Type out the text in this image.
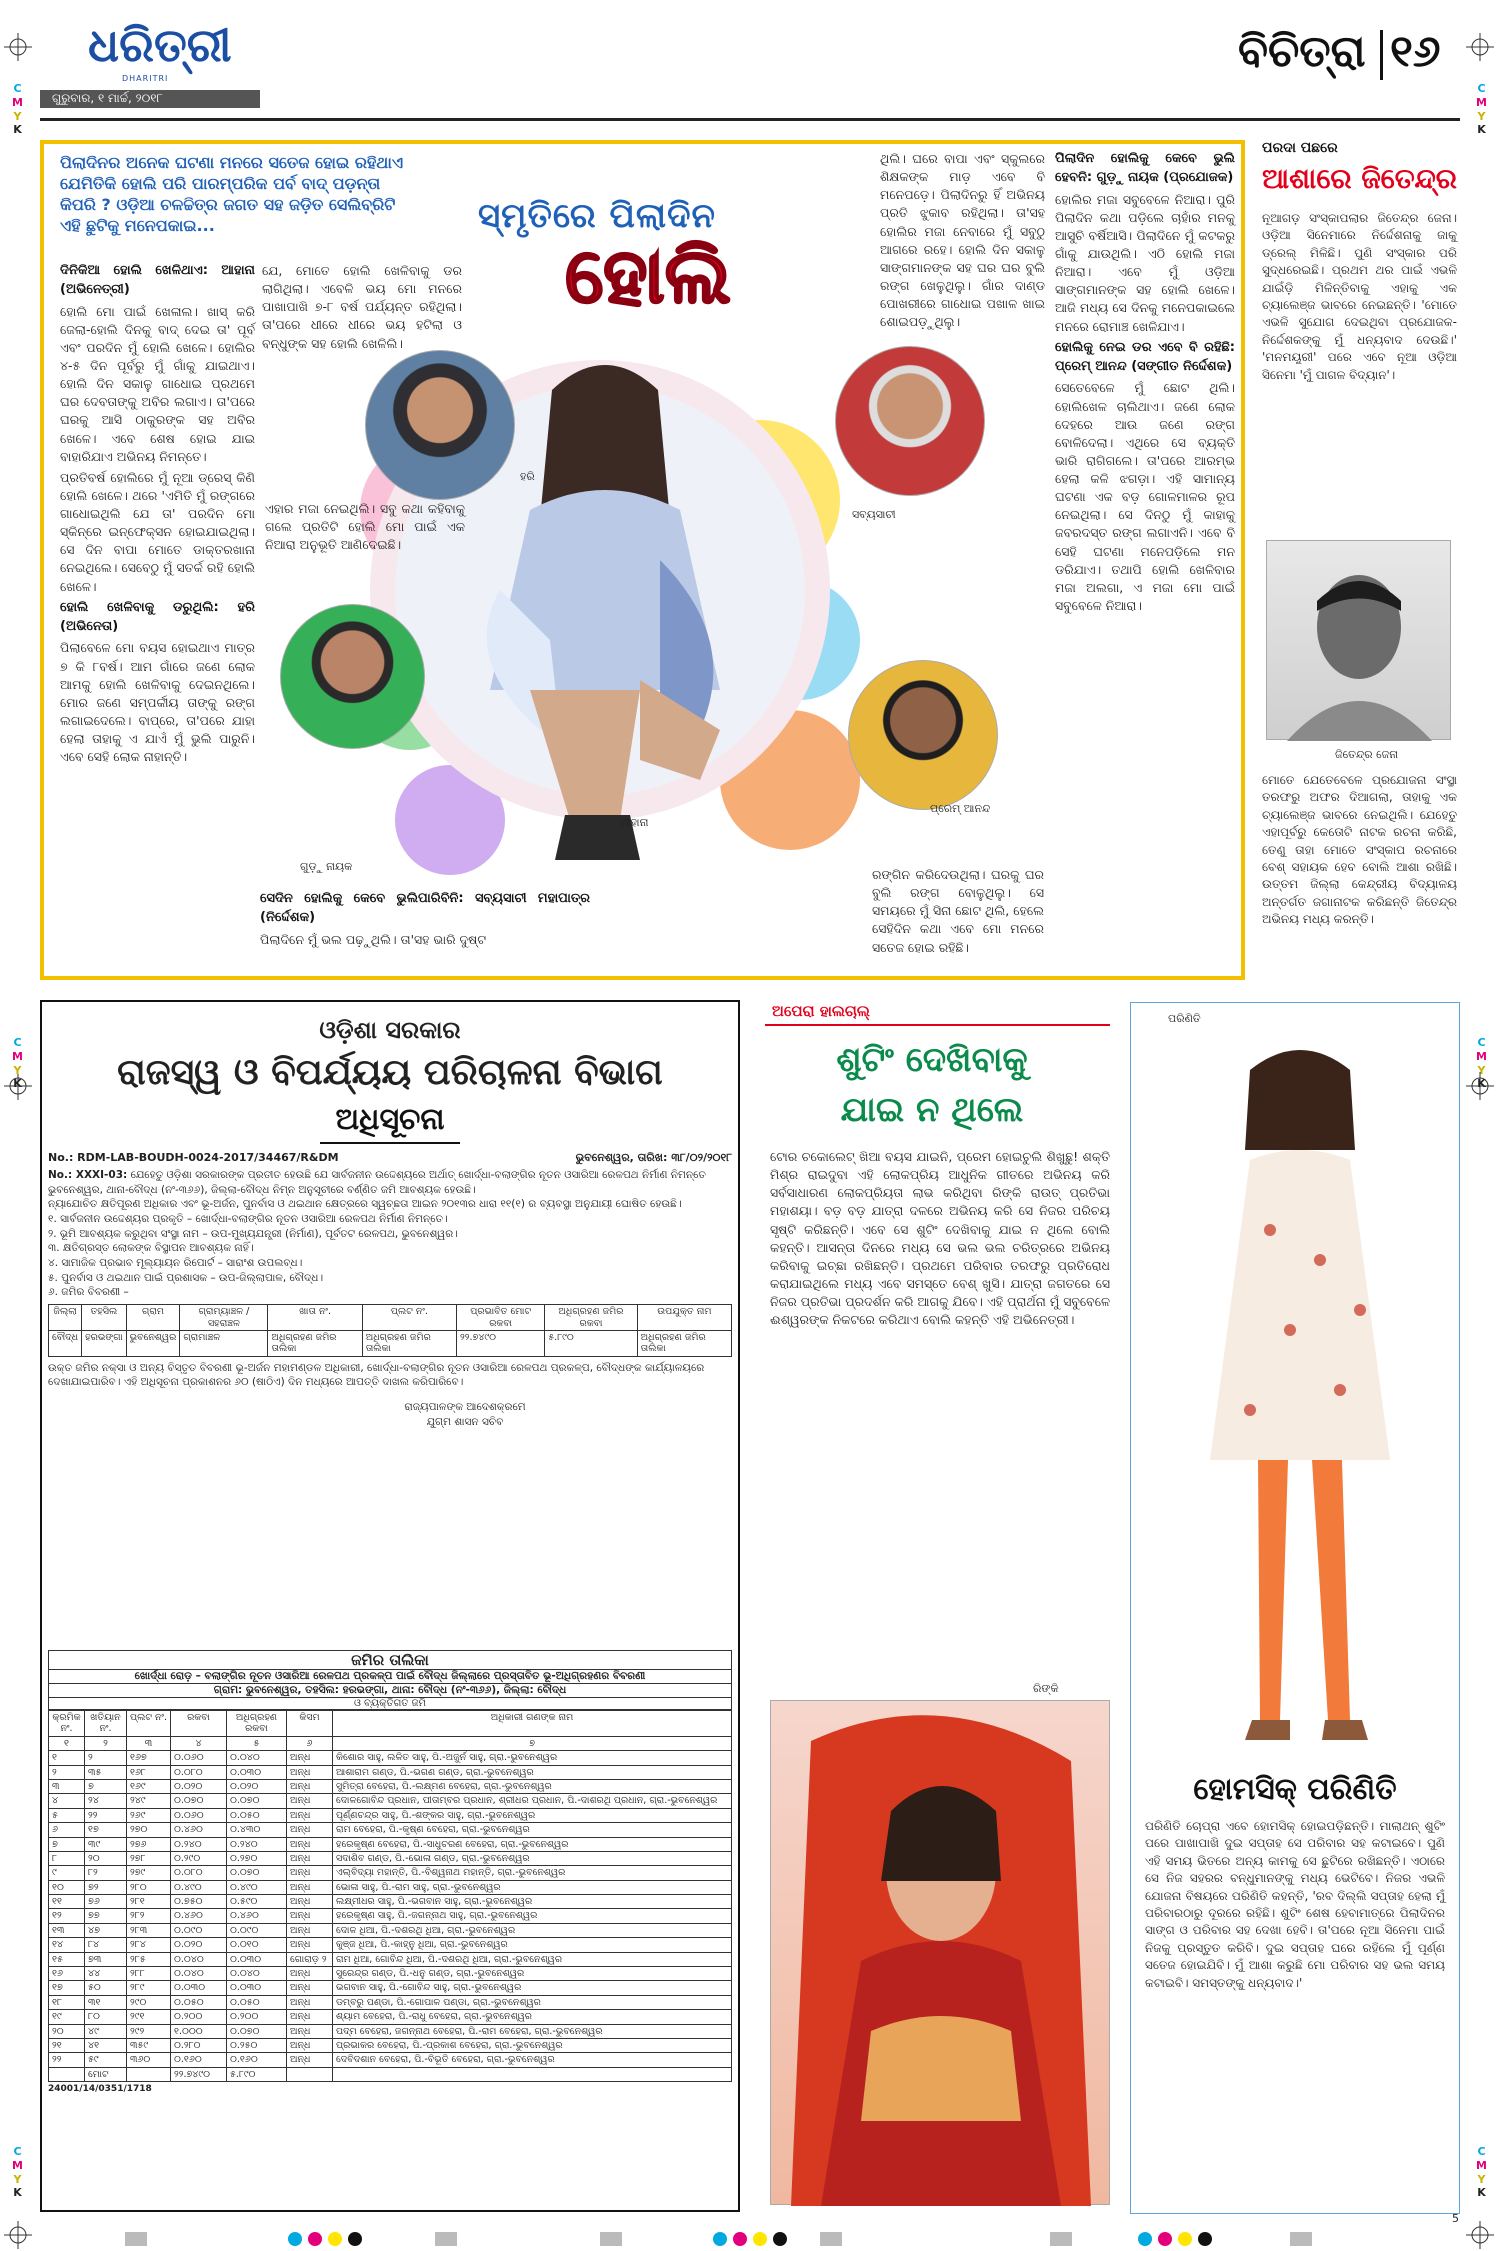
C
M
Y
K
C
M
Y
K
C
M
Y
K
C
M
Y
K
C
M
Y
K
C
M
Y
K
ଧରିତ୍ରୀ
DHARITRI
ଗୁରୁବାର, ୧ ମାର୍ଚ୍ଚ, ୨୦୧୮
ବିଚିତ୍ରା ୧୬
ପିଲାଦିନର ଅନେକ ଘଟଣା ମନରେ ସତେଜ ହୋଇ ରହିଥାଏ ଯେମିତିକି ହୋଲି ପରି ପାରମ୍ପରିକ ପର୍ବ ବାଦ୍ ପଡ଼ନ୍ତା କିପରି ? ଓଡ଼ିଆ ଚଳଚ୍ଚିତ୍ର ଜଗତ ସହ ଜଡ଼ିତ ସେଲିବ୍ରିଟି ଏହି ଛୁଟିକୁ ମନେପକାଇ...	ସ୍ମୃତିରେ ପିଲାଦିନ
ହୋଲି
ହରି
ଗୁଡ଼ୁ ନାୟକ
ଆହାନା
ସବ୍ୟସାଚୀ
ପ୍ରେମ୍ ଆନନ୍ଦ

ଦିନିକିଆ ହୋଲି ଖେଳିଥାଏ: ଆହାନା (ଅଭିନେତ୍ରୀ)

ହୋଲି ମୋ ପାଇଁ ଖେଳାଲ। ଖାସ୍ କରି ଜେଲା-ହୋଲି ଦିନକୁ ବାଦ୍ ଦେଇ ତା' ପୂର୍ବ ଏବଂ ପରଦିନ ମୁଁ ହୋଲି ଖେଳେ। ହୋଲିର ୪-୫ ଦିନ ପୂର୍ବରୁ ମୁଁ ଗାଁକୁ ଯାଇଥାଏ। ହୋଲି ଦିନ ସକାଳୁ ଗାଧୋଇ ପ୍ରଥମେ ଘର ଦେବତାଙ୍କୁ ଅବିର ଲଗାଏ। ତା'ପରେ ଘରକୁ ଆସି ଠାକୁରଙ୍କ ସହ ଅବିର ଖେଳେ। ଏବେ ଶେଷ ହୋଇ ଯାଇ ବାହାରିଯାଏ ଅଭିନୟ ନିମନ୍ତେ।

ପ୍ରତିବର୍ଷ ହୋଲିରେ ମୁଁ ନୂଆ ଡ୍ରେସ୍ କିଣି ହୋଲି ଖେଳେ। ଥରେ 'ଏମିତି ମୁଁ ରଙ୍ଗରେ ଗାଧୋଇଥିଲି ଯେ ତା' ପରଦିନ ମୋ ସ୍କିନ୍‌ରେ ଇନ୍‌ଫେକ୍‌ସନ ହୋଇଯାଇଥିଲା। ସେ ଦିନ ବାପା ମୋତେ ଡାକ୍ତରଖାନା ନେଇଥିଲେ। ସେବେଠୁ ମୁଁ ସତର୍କ ରହି ହୋଲି ଖେଳେ।

ହୋଲି ଖେଳିବାକୁ ଡରୁଥିଲି: ହରି (ଅଭିନେତା)

ପିଲାବେଳେ ମୋ ବୟସ ହୋଇଥାଏ ମାତ୍ର ୭ କି ୮ବର୍ଷ। ଆମ ଗାଁରେ ଜଣେ ଲୋକ ଆମକୁ ହୋଲି ଖେଳିବାକୁ ଦେଇନଥିଲେ। ମୋର ଜଣେ ସମ୍ପର୍କୀୟ ତାଙ୍କୁ ରଙ୍ଗ ଲଗାଇଦେଲେ। ବାପ୍‌ରେ, ତା'ପରେ ଯାହା ହେଲା ତାହାକୁ ଏ ଯାଏଁ ମୁଁ ଭୁଲି ପାରୁନି। ଏବେ ସେହି ଲୋକ ନାହାନ୍ତି।

ଯେ, ମୋତେ ହୋଲି ଖେଳିବାକୁ ଡର ଲାଗିଥିଲା। ଏବେଳି ଭୟ ମୋ ମନରେ ପାଖାପାଖି ୭-୮ ବର୍ଷ ପର୍ଯ୍ୟନ୍ତ ରହିଥିଲା। ତା'ପରେ ଧୀରେ ଧୀରେ ଭୟ ହଟିଲା ଓ ବନ୍ଧୁଙ୍କ ସହ ହୋଲି ଖେଳିଲି।

ଏହାର ମଜା ନେଇଥିଲି। ସବୁ କଥା କହିବାକୁ ଗଲେ ପ୍ରତିଟି ହୋଲି ମୋ ପାଇଁ ଏକ ନିଆରା ଅନୁଭୂତି ଆଣିଦେଇଛି।

ସେଦିନ ହୋଲିକୁ କେବେ ଭୁଲିପାରିବିନି: ସବ୍ୟସାଚୀ ମହାପାତ୍ର (ନିର୍ଦ୍ଦେଶକ)

ପିଲାଦିନେ ମୁଁ ଭଲ ପଢ଼ୁଥିଲି। ତା'ସହ ଭାରି ଦୁଷ୍ଟ

ଥିଲି। ଘରେ ବାପା ଏବଂ ସ୍କୁଲରେ ଶିକ୍ଷକଙ୍କ ମାଡ଼ ଏବେ ବି ମନେପଡ଼େ। ପିଲାଦିନରୁ ହିଁ ଅଭିନୟ ପ୍ରତି ଝୁକାବ ରହିଥିଲା। ତା'ସହ ହୋଲିର ମଜା ନେବାରେ ମୁଁ ସବୁଠୁ ଆଗରେ ରହେ। ହୋଲି ଦିନ ସକାଳୁ ସାଙ୍ଗମାନଙ୍କ ସହ ଘର ଘର ବୁଲି ରଙ୍ଗ ଖେଳୁଥିଲୁ। ଗାଁର ଦାଣ୍ଡ ପୋଖରୀରେ ଗାଧୋଇ ପଖାଳ ଖାଇ ଶୋଇପଡ଼ୁଥିଲୁ।

ରଙ୍ଗିନ କରିଦେଉଥିଲା। ଘରକୁ ଘର ବୁଲି ରଙ୍ଗ ବୋଳୁଥିଲୁ। ସେ ସମୟରେ ମୁଁ ସିନା ଛୋଟ ଥିଲି, ହେଲେ ସେହିଦିନ କଥା ଏବେ ମୋ ମନରେ ସତେଜ ହୋଇ ରହିଛି।

ପିଲାଦିନ ହୋଲିକୁ କେବେ ଭୁଲି ହେବନି: ଗୁଡ଼ୁ ନାୟକ (ପ୍ରଯୋଜକ)

ହୋଲିର ମଜା ସବୁବେଳେ ନିଆରା। ପୁରି ପିଲାଦିନ କଥା ପଡ଼ିଲେ ଚାହାଁର ମନକୁ ଆସୁଚି ବର୍ଷିଆସି। ପିଲାଦିନେ ମୁଁ କଟକରୁ ଗାଁକୁ ଯାଉଥିଲି। ଏଠି ହୋଲି ମଜା ନିଆରା। ଏବେ ମୁଁ ଓଡ଼ିଆ ସାଙ୍ଗମାନଙ୍କ ସହ ହୋଲି ଖେଳେ। ଆଜି ମଧ୍ୟ ସେ ଦିନକୁ ମନେପକାଇଲେ ମନରେ ରୋମାଞ୍ଚ ଖେଳିଯାଏ।

ହୋଲିକୁ ନେଇ ଡର ଏବେ ବି ରହିଛି: ପ୍ରେମ୍ ଆନନ୍ଦ (ସଙ୍ଗୀତ ନିର୍ଦ୍ଦେଶକ)

ସେତେବେଳେ ମୁଁ ଛୋଟ ଥିଲି। ହୋଲିଖେଳ ଚାଲିଥାଏ। ଜଣେ ଲୋକ ଦେହରେ ଆଉ ଜଣେ ରଙ୍ଗ ବୋଳିଦେଲା। ଏଥିରେ ସେ ବ୍ୟକ୍ତି ଭାରି ରାଗିଗଲେ। ତା'ପରେ ଆରମ୍ଭ ହେଲା କଳି ଝଗଡ଼ା। ଏହି ସାମାନ୍ୟ ଘଟଣା ଏକ ବଡ଼ ଗୋଳମାଳର ରୂପ ନେଇଥିଲା। ସେ ଦିନଠୁ ମୁଁ କାହାକୁ ଜବରଦସ୍ତ ରଙ୍ଗ ଲଗାଏନି। ଏବେ ବି ସେହି ଘଟଣା ମନେପଡ଼ିଲେ ମନ ଡରିଯାଏ। ତଥାପି ହୋଲି ଖେଳିବାର ମଜା ଅଲଗା, ଏ ମଜା ମୋ ପାଇଁ ସବୁବେଳେ ନିଆରା।

ପରଦା ପଛରେ
ଆଶାରେ ଜିତେନ୍ଦ୍ର
ନୂଆଗଡ଼ ସଂସ୍କାପଲାର ଜିତେନ୍ଦ୍ର ଜେନା। ଓଡ଼ିଆ ସିନେମାରେ ନିର୍ଦ୍ଦେଶନାକୁ ଜାକୁ ଡ୍ରେଲ୍ ମିଳିଛି। ପୁଣି ସଂସ୍କାର ପରି ସୁଦ୍ଧରେଇଛି। ପ୍ରଥମ ଥର ପାଇଁ ଏଭଳି ଯାଇଁଡ଼ି ମିଳିନ୍ତିବାକୁ ଏହାକୁ ଏକ ଚ୍ୟାଲେଞ୍ଜ ଭାବରେ ନେଇଛନ୍ତି। 'ମୋତେ ଏଭଳି ସୁଯୋଗ ଦେଇଥିବା ପ୍ରଯୋଜକ-ନିର୍ଦ୍ଦେଶକଙ୍କୁ ମୁଁ ଧନ୍ୟବାଦ ଦେଉଛି।' 'ମନମୟୂରୀ' ପରେ ଏବେ ନୂଆ ଓଡ଼ିଆ ସିନେମା 'ମୁଁ ପାଗଳ ବିଦ୍ୟାନ'।
ଜିତେନ୍ଦ୍ର ଜେନା
ମୋତେ ଯେତେବେଳେ ପ୍ରଯୋଜନା ସଂସ୍ଥା ତରଫରୁ ଅଫର ଦିଆଗଲା, ତାହାକୁ ଏକ ଚ୍ୟାଲେଞ୍ଜ ଭାବରେ ନେଇଥିଲି। ଯେହେତୁ ଏହାପୂର୍ବରୁ କେତୋଟି ନାଟକ ରଚନା କରିଛି, ତେଣୁ ତାହା ମୋତେ ସଂସ୍କାପ ରଚନାରେ ବେଶ୍ ସହାୟକ ହେବ ବୋଲି ଆଶା ରଖିଛି। ଉତ୍ତମ ଜିଲ୍ଲା କେନ୍ଦ୍ରୀୟ ବିଦ୍ୟାଳୟ ଅନ୍ତର୍ଗତ ଜଗାନାଟକ କରିଛନ୍ତି ଜିତେନ୍ଦ୍ର ଅଭିନୟ ମଧ୍ୟ କରନ୍ତି।
ଓଡ଼ିଶା ସରକାର
ରାଜସ୍ୱ ଓ ବିପର୍ଯ୍ୟୟ ପରିଚାଳନା ବିଭାଗ
ଅଧିସୂଚନା
No.: RDM-LAB-BOUDH-0024-2017/34467/R&DM	ଭୁବନେଶ୍ୱର, ତାରିଖ: ୩୮/୦୨/୨୦୧୮
No.: XXXI-03: ଯେହେତୁ ଓଡ଼ିଶା ସରକାରଙ୍କ ପ୍ରତୀତ ହେଉଛି ଯେ ସାର୍ବଜନୀନ ଉଦ୍ଦେଶ୍ୟରେ ଅର୍ଥାତ୍ ଖୋର୍ଦ୍ଧା-ବଲାଙ୍ଗିର ନୂତନ ଓସାରିଆ ରେଳପଥ ନିର୍ମାଣ ନିମନ୍ତେ ଭୁବନେଶ୍ୱର, ଥାନା-ବୌଦ୍ଧ (ନଂ-୩୬୬), ଜିଲ୍ଲା-ବୌଦ୍ଧ ନିମ୍ନ ଅନୁସୂଚୀରେ ବର୍ଣ୍ଣିତ ଜମି ଆବଶ୍ୟକ ହେଉଛି।
ନ୍ୟାଯୋଚିତ କ୍ଷତିପୂରଣ ଅଧିକାର ଏବଂ ଭୂ-ଅର୍ଜନ, ପୁନର୍ବାସ ଓ ଥଇଥାନ କ୍ଷେତ୍ରରେ ସ୍ୱଚ୍ଛତା ଆଇନ ୨୦୧୩ର ଧାରା ୧୧(୧) ର ବ୍ୟବସ୍ଥା ଅନୁଯାୟୀ ଘୋଷିତ ହେଉଛି।
୧. ସାର୍ବଜନୀନ ଉଦ୍ଦେଶ୍ୟର ପ୍ରକୃତି – ଖୋର୍ଦ୍ଧା-ବଲାଙ୍ଗିର ନୂତନ ଓସାରିଆ ରେଳପଥ ନିର୍ମାଣ ନିମନ୍ତେ।
୨. ଭୂମି ଆବଶ୍ୟକ କରୁଥିବା ସଂସ୍ଥା ନାମ – ଉପ-ମୁଖ୍ୟଯନ୍ତ୍ରୀ (ନିର୍ମାଣ), ପୂର୍ବତଟ ରେଳପଥ, ଭୁବନେଶ୍ୱର।
୩. କ୍ଷତିଗ୍ରସ୍ତ ଲୋକଙ୍କ ବିସ୍ଥାପନ ଆବଶ୍ୟକ ନାହିଁ।
୪. ସାମାଜିକ ପ୍ରଭାବ ମୂଲ୍ୟାୟନ ରିପୋର୍ଟ – ସାରାଂଶ ଉପଲବ୍ଧ।
୫. ପୁନର୍ବାସ ଓ ଥଇଥାନ ପାଇଁ ପ୍ରଶାସକ – ଉପ-ଜିଲ୍ଲାପାଳ, ବୌଦ୍ଧ।
୬. ଜମିର ବିବରଣୀ –
ଜିଲ୍ଲା	ତହସିଲ	ଗ୍ରାମ	ଗ୍ରାମ୍ୟାଞ୍ଚଳ / ସହରାଞ୍ଚଳ	ଖାତା ନଂ.	ପ୍ଲଟ ନଂ.	ପ୍ରଭାବିତ ମୋଟ ରକବା	ଅଧିଗ୍ରହଣ ଜମିର ରକବା	ଉପଯୁକ୍ତ ନାମ
ବୌଦ୍ଧ	ହରଭଙ୍ଗା	ଭୁବନେଶ୍ୱର	ଗ୍ରାମାଞ୍ଚଳ	ଅଧିଗ୍ରହଣ ଜମିର ତାଲିକା	ଅଧିଗ୍ରହଣ ଜମିର ତାଲିକା	୨୨.୭୪୯୦	୫.୮୯୦	ଅଧିଗ୍ରହଣ ଜମିର ତାଲିକା
ଉକ୍ତ ଜମିର ନକ୍ସା ଓ ଅନ୍ୟ ବିସ୍ତୃତ ବିବରଣୀ ଭୂ-ଅର୍ଜନ ମହାମଣ୍ଡଳ ଅଧିକାରୀ, ଖୋର୍ଦ୍ଧା-ବଲାଙ୍ଗିର ନୂତନ ଓସାରିଆ ରେଳପଥ ପ୍ରକଳ୍ପ, ବୌଦ୍ଧଙ୍କ କାର୍ଯ୍ୟାଳୟରେ ଦେଖାଯାଇପାରିବ। ଏହି ଅଧିସୂଚନା ପ୍ରକାଶନର ୬୦ (ଷାଠିଏ) ଦିନ ମଧ୍ୟରେ ଆପତ୍ତି ଦାଖଲ କରିପାରିବେ।
ରାଜ୍ୟପାଳଙ୍କ ଆଦେଶକ୍ରମେ
ଯୁଗ୍ମ ଶାସନ ସଚିବ
ଜମିର ତାଲିକା
ଖୋର୍ଦ୍ଧା ରୋଡ଼ – ବଲାଙ୍ଗିର ନୂତନ ଓସାରିଆ ରେଳପଥ ପ୍ରକଳ୍ପ ପାଇଁ ବୌଦ୍ଧ ଜିଲ୍ଲାରେ ପ୍ରସ୍ତାବିତ ଭୂ-ଅଧିଗ୍ରହଣର ବିବରଣୀ
ଗ୍ରାମ: ଭୁବନେଶ୍ୱର, ତହସିଲ: ହରଭଙ୍ଗା, ଥାନା: ବୌଦ୍ଧ (ନଂ-୩୬୬), ଜିଲ୍ଲା: ବୌଦ୍ଧ
ଓ ବ୍ୟକ୍ତିଗତ ଜମି
କ୍ରମିକ ନଂ.	ଖତିୟାନ ନଂ.	ପ୍ଲଟ ନଂ.	ରକବା	ଅଧିଗ୍ରହଣ ରକବା	କିସମ	ଅଧିକାରୀ ଗଣଙ୍କ ନାମ
୧	୨	୩	୪	୫	୬	୭
୧	୨	୧୬୭	୦.୦୬୦	୦.୦୪୦	ଅନ୍ଧ	କିଶୋର ସାହୁ, ଲଳିତ ସାହୁ, ପି.-ଅଜୁର୍ନ ସାହୁ, ଗ୍ରା.-ଭୁବନେଶ୍ୱର
୨	୩୫	୧୬୮	୦.୦୮୦	୦.୦୩୦	ଅନ୍ଧ	ଆଶାରାମ ଗଣ୍ଡ, ପି.-ଭଗଣ ଗଣ୍ଡ, ଗ୍ରା.-ଭୁବନେଶ୍ୱର
୩	୭	୧୬୯	୦.୦୨୦	୦.୦୨୦	ଅନ୍ଧ	ସୁମିତ୍ରା ବେହେରା, ପି.-ଲକ୍ଷ୍ମଣ ବେହେରା, ଗ୍ରା.-ଭୁବନେଶ୍ୱର
୪	୨୪	୨୪୯	୦.୦୭୦	୦.୦୭୦	ଅନ୍ଧ	ଦୋଳଗୋବିନ୍ଦ ପ୍ରଧାନ, ପୀତାମ୍ବର ପ୍ରଧାନ, ଶ୍ରୀଧର ପ୍ରଧାନ, ପି.-ଦାଶରଥି ପ୍ରଧାନ, ଗ୍ରା.-ଭୁବନେଶ୍ୱର
୫	୨୨	୨୬୯	୦.୦୬୦	୦.୦୫୦	ଅନ୍ଧ	ପୂର୍ଣ୍ଣଚନ୍ଦ୍ର ସାହୁ, ପି.-ଶଙ୍କର ସାହୁ, ଗ୍ରା.-ଭୁବନେଶ୍ୱର
୬	୧୭	୨୭୦	୦.୪୬୦	୦.୪୩୦	ଅନ୍ଧ	ରାମ ବେହେରା, ପି.-କୃଷ୍ଣ ବେହେରା, ଗ୍ରା.-ଭୁବନେଶ୍ୱର
୭	୩୯	୨୭୬	୦.୨୪୦	୦.୨୪୦	ଅନ୍ଧ	ହରେକୃଷ୍ଣ ବେହେରା, ପି.-ସାଧୁଚରଣ ବେହେରା, ଗ୍ରା.-ଭୁବନେଶ୍ୱର
୮	୨୦	୨୭୮	୦.୨୯୦	୦.୨୭୦	ଅନ୍ଧ	ସଦାଶିବ ଗଣ୍ଡ, ପି.-ଭୋଳା ଗଣ୍ଡ, ଗ୍ରା.-ଭୁବନେଶ୍ୱର
୯	୮୨	୨୭୯	୦.୦୮୦	୦.୦୭୦	ଅନ୍ଧ	ଏଲ୍‌ବିଦ୍ୟା ମହାନ୍ତି, ପି.-ବିଶ୍ୱନାଥ ମହାନ୍ତି, ଗ୍ରା.-ଭୁବନେଶ୍ୱର
୧୦	୭୨	୨୮୦	୦.୪୯୦	୦.୪୯୦	ଅନ୍ଧ	ଭୋଳା ସାହୁ, ପି.-ରାମ ସାହୁ, ଗ୍ରା.-ଭୁବନେଶ୍ୱର
୧୧	୭୬	୨୮୧	୦.୭୫୦	୦.୫୯୦	ଅନ୍ଧ	ଲକ୍ଷ୍ମୀଧର ସାହୁ, ପି.-ଭଗବାନ ସାହୁ, ଗ୍ରା.-ଭୁବନେଶ୍ୱର
୧୨	୭୭	୨୮୨	୦.୪୬୦	୦.୪୬୦	ଅନ୍ଧ	ହରେକୃଷ୍ଣ ସାହୁ, ପି.-ଜଗନ୍ନାଥ ସାହୁ, ଗ୍ରା.-ଭୁବନେଶ୍ୱର
୧୩	୪୭	୨୮୩	୦.୦୯୦	୦.୦୯୦	ଅନ୍ଧ	ଦୋଳ ଧିଆ, ପି.-ଦଶରଥି ଧିଆ, ଗ୍ରା.-ଭୁବନେଶ୍ୱର
୧୪	୮୪	୨୮୪	୦.୦୨୦	୦.୦୧୦	ଅନ୍ଧ	କୁଞ୍ଜ ଧିଆ, ପି.-କାହ୍ନୁ ଧିଆ, ଗ୍ରା.-ଭୁବନେଶ୍ୱର
୧୫	୭୩	୨୮୫	୦.୦୪୦	୦.୦୩୦	ଗୋରାଡ଼ ୨	ରାମ ଧିଆ, ଗୋବିନ୍ଦ ଧିଆ, ପି.-ଦଶରଥି ଧିଆ, ଗ୍ରା.-ଭୁବନେଶ୍ୱର
୧୬	୪୪	୨୮୮	୦.୦୪୦	୦.୦୪୦	ଅନ୍ଧ	ସୁରେନ୍ଦ୍ର ଗଣ୍ଡ, ପି.-ଧନୁ ଗଣ୍ଡ, ଗ୍ରା.-ଭୁବନେଶ୍ୱର
୧୭	୫୦	୨୮୯	୦.୦୩୦	୦.୦୩୦	ଅନ୍ଧ	ଭଗବାନ ସାହୁ, ପି.-ଗୋବିନ୍ଦ ସାହୁ, ଗ୍ରା.-ଭୁବନେଶ୍ୱର
୧୮	୩୧	୨୯୦	୦.୦୫୦	୦.୦୫୦	ଅନ୍ଧ	ଡମ୍ବରୁ ପଣ୍ଡା, ପି.-ଗୋପାଳ ପଣ୍ଡା, ଗ୍ରା.-ଭୁବନେଶ୍ୱର
୧୯	୮୦	୨୯୧	୦.୨୦୦	୦.୨୦୦	ଅନ୍ଧ	ଶ୍ୟାମ ବେହେରା, ପି.-ରାଧୁ ବେହେରା, ଗ୍ରା.-ଭୁବନେଶ୍ୱର
୨୦	୪୯	୨୯୨	୧.୦୦୦	୦.୦୭୦	ଅନ୍ଧ	ପଦ୍ମ ବେହେରା, ଜଗନ୍ନାଥ ବେହେରା, ପି.-ରାମ ବେହେରା, ଗ୍ରା.-ଭୁବନେଶ୍ୱର
୨୧	୪୧	୩୫୯	୦.୨୮୦	୦.୨୫୦	ଅନ୍ଧ	ପ୍ରଭାକର ବେହେରା, ପି.-ପ୍ରକାଶ ବେହେରା, ଗ୍ରା.-ଭୁବନେଶ୍ୱର
୨୨	୫୯	୩୬୦	୦.୧୬୦	୦.୧୬୦	ଅନ୍ଧ	ଦେବିଦଶାନ ବେହେରା, ପି.-ବିଭୂତି ବେହେରା, ଗ୍ରା.-ଭୁବନେଶ୍ୱର
	ମୋଟ		୨୨.୭୪୯୦	୫.୮୯୦		
24001/14/0351/1718
ଅପେରା ହାଲଚାଲ୍
ଶୁଟିଂ ଦେଖିବାକୁ
ଯାଇ ନ ଥିଲେ
ଟୋର ଚକୋଲେଟ୍ ଖିଆ ବୟସ ଯାଇନି, ପ୍ରେମ ହୋଇଚୁଲି ଶିଖୁଛୁ! ଶକ୍ତି ମିଶ୍ର ରାଇଦୁବା ଏହି ଲୋକପ୍ରିୟ ଆଧୁନିକ ଗୀତରେ ଅଭିନୟ କରି ସର୍ବସାଧାରଣ ଲୋକପ୍ରିୟତା ଲାଭ କରିଥିବା ରିଙ୍କି ରାଉତ୍ ପ୍ରତିଭା ମହାଶୟା। ବଡ଼ ବଡ଼ ଯାତ୍ରା ଦଳରେ ଅଭିନୟ କରି ସେ ନିଜର ପରିଚୟ ସୃଷ୍ଟି କରିଛନ୍ତି। ଏବେ ସେ ଶୁଟିଂ ଦେଖିବାକୁ ଯାଇ ନ ଥିଲେ ବୋଲି କହନ୍ତି। ଆସନ୍ତା ଦିନରେ ମଧ୍ୟ ସେ ଭଲ ଭଲ ଚରିତ୍ରରେ ଅଭିନୟ କରିବାକୁ ଇଚ୍ଛା ରଖିଛନ୍ତି। ପ୍ରଥମେ ପରିବାର ତରଫରୁ ପ୍ରତିରୋଧ କରାଯାଇଥିଲେ ମଧ୍ୟ ଏବେ ସମସ୍ତେ ବେଶ୍ ଖୁସି। ଯାତ୍ରା ଜଗତରେ ସେ ନିଜର ପ୍ରତିଭା ପ୍ରଦର୍ଶନ କରି ଆଗକୁ ଯିବେ। ଏହି ପ୍ରାର୍ଥନା ମୁଁ ସବୁବେଳେ ଈଶ୍ୱରଙ୍କ ନିକଟରେ କରିଥାଏ ବୋଲି କହନ୍ତି ଏହି ଅଭିନେତ୍ରୀ।
ରିଙ୍କି
ପରିଣିତି
ହୋମସିକ୍ ପରିଣିତି
ପରିଣିତି ଚୋପ୍ରା ଏବେ ହୋମସିକ୍ ହୋଇପଡ଼ିଛନ୍ତି। ମାଲାଥନ୍ ଶୁଟିଂ ପରେ ପାଖାପାଖି ଦୁଇ ସପ୍ତାହ ସେ ପରିବାର ସହ କଟାଇବେ। ପୁଣି ଏହି ସମୟ ଭିତରେ ଅନ୍ୟ କାମକୁ ସେ ଛୁଟିରେ ରଖିଛନ୍ତି। ଏଠାରେ ସେ ନିଜ ସହରର ବନ୍ଧୁମାନଙ୍କୁ ମଧ୍ୟ ଭେଟିବେ। ନିଜର ଏଭଳି ଯୋଜନା ବିଷୟରେ ପରିଣିତି କହନ୍ତି, 'ରବ ଦିଲ୍ଲି ସପ୍ତାହ ହେଲା ମୁଁ ପରିବାରଠାରୁ ଦୂରରେ ରହିଛି। ଶୁଟିଂ ଶେଷ ହେବାମାତ୍ରେ ପିଲାଦିନର ସାଙ୍ଗ ଓ ପରିବାର ସହ ଦେଖା ହେବି। ତା'ପରେ ନୂଆ ସିନେମା ପାଇଁ ନିଜକୁ ପ୍ରସ୍ତୁତ କରିବି। ଦୁଇ ସପ୍ତାହ ଘରେ ରହିଲେ ମୁଁ ପୂର୍ଣ୍ଣ ସତେଜ ହୋଇଯିବି। ମୁଁ ଆଶା କରୁଛି ମୋ ପରିବାର ସହ ଭଲ ସମୟ କଟାଇବି। ସମସ୍ତଙ୍କୁ ଧନ୍ୟବାଦ।'
5
